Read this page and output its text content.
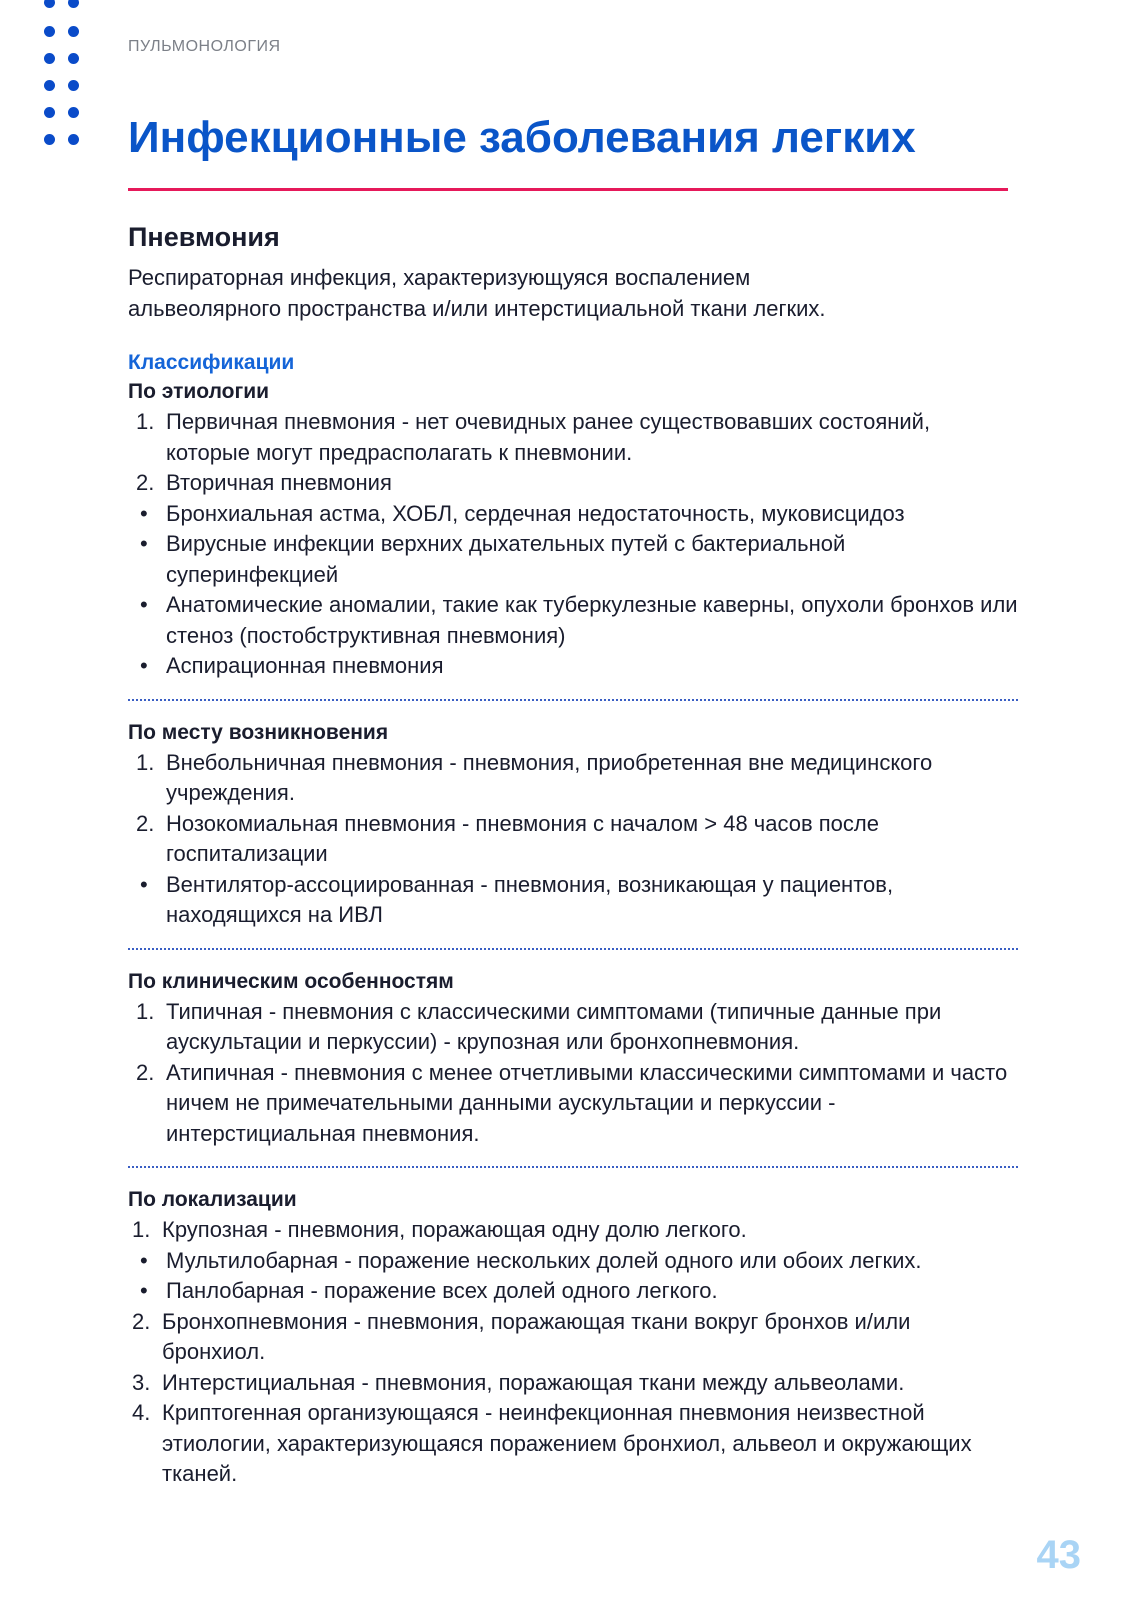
ПУЛЬМОНОЛОГИЯ
Инфекционные заболевания легких
Пневмония

Респираторная инфекция, характеризующуяся воспалением
альвеолярного пространства и/или интерстициальной ткани легких.

Классификации
По этиологии
1. Первичная пневмония - нет очевидных ранее существовавших состояний, которые могут предрасполагать к пневмонии.
2. Вторичная пневмония
• Бронхиальная астма, ХОБЛ, сердечная недостаточность, муковисцидоз
• Вирусные инфекции верхних дыхательных путей с бактериальной суперинфекцией
• Анатомические аномалии, такие как туберкулезные каверны, опухоли бронхов или стеноз (постобструктивная пневмония)
• Аспирационная пневмония
По месту возникновения
1. Внебольничная пневмония - пневмония, приобретенная вне медицинского учреждения.
2. Нозокомиальная пневмония - пневмония с началом > 48 часов после госпитализации
• Вентилятор-ассоциированная - пневмония, возникающая у пациентов, находящихся на ИВЛ
По клиническим особенностям
1. Типичная - пневмония с классическими симптомами (типичные данные при аускультации и перкуссии) - крупозная или бронхопневмония.
2. Атипичная - пневмония с менее отчетливыми классическими симптомами и часто ничем не примечательными данными аускультации и перкуссии - интерстициальная пневмония.
По локализации
1. Крупозная - пневмония, поражающая одну долю легкого.
• Мультилобарная - поражение нескольких долей одного или обоих легких.
• Панлобарная - поражение всех долей одного легкого.
2. Бронхопневмония - пневмония, поражающая ткани вокруг бронхов и/или бронхиол.
3. Интерстициальная - пневмония, поражающая ткани между альвеолами.
4. Криптогенная организующаяся - неинфекционная пневмония неизвестной этиологии, характеризующаяся поражением бронхиол, альвеол и окружающих тканей.
43
